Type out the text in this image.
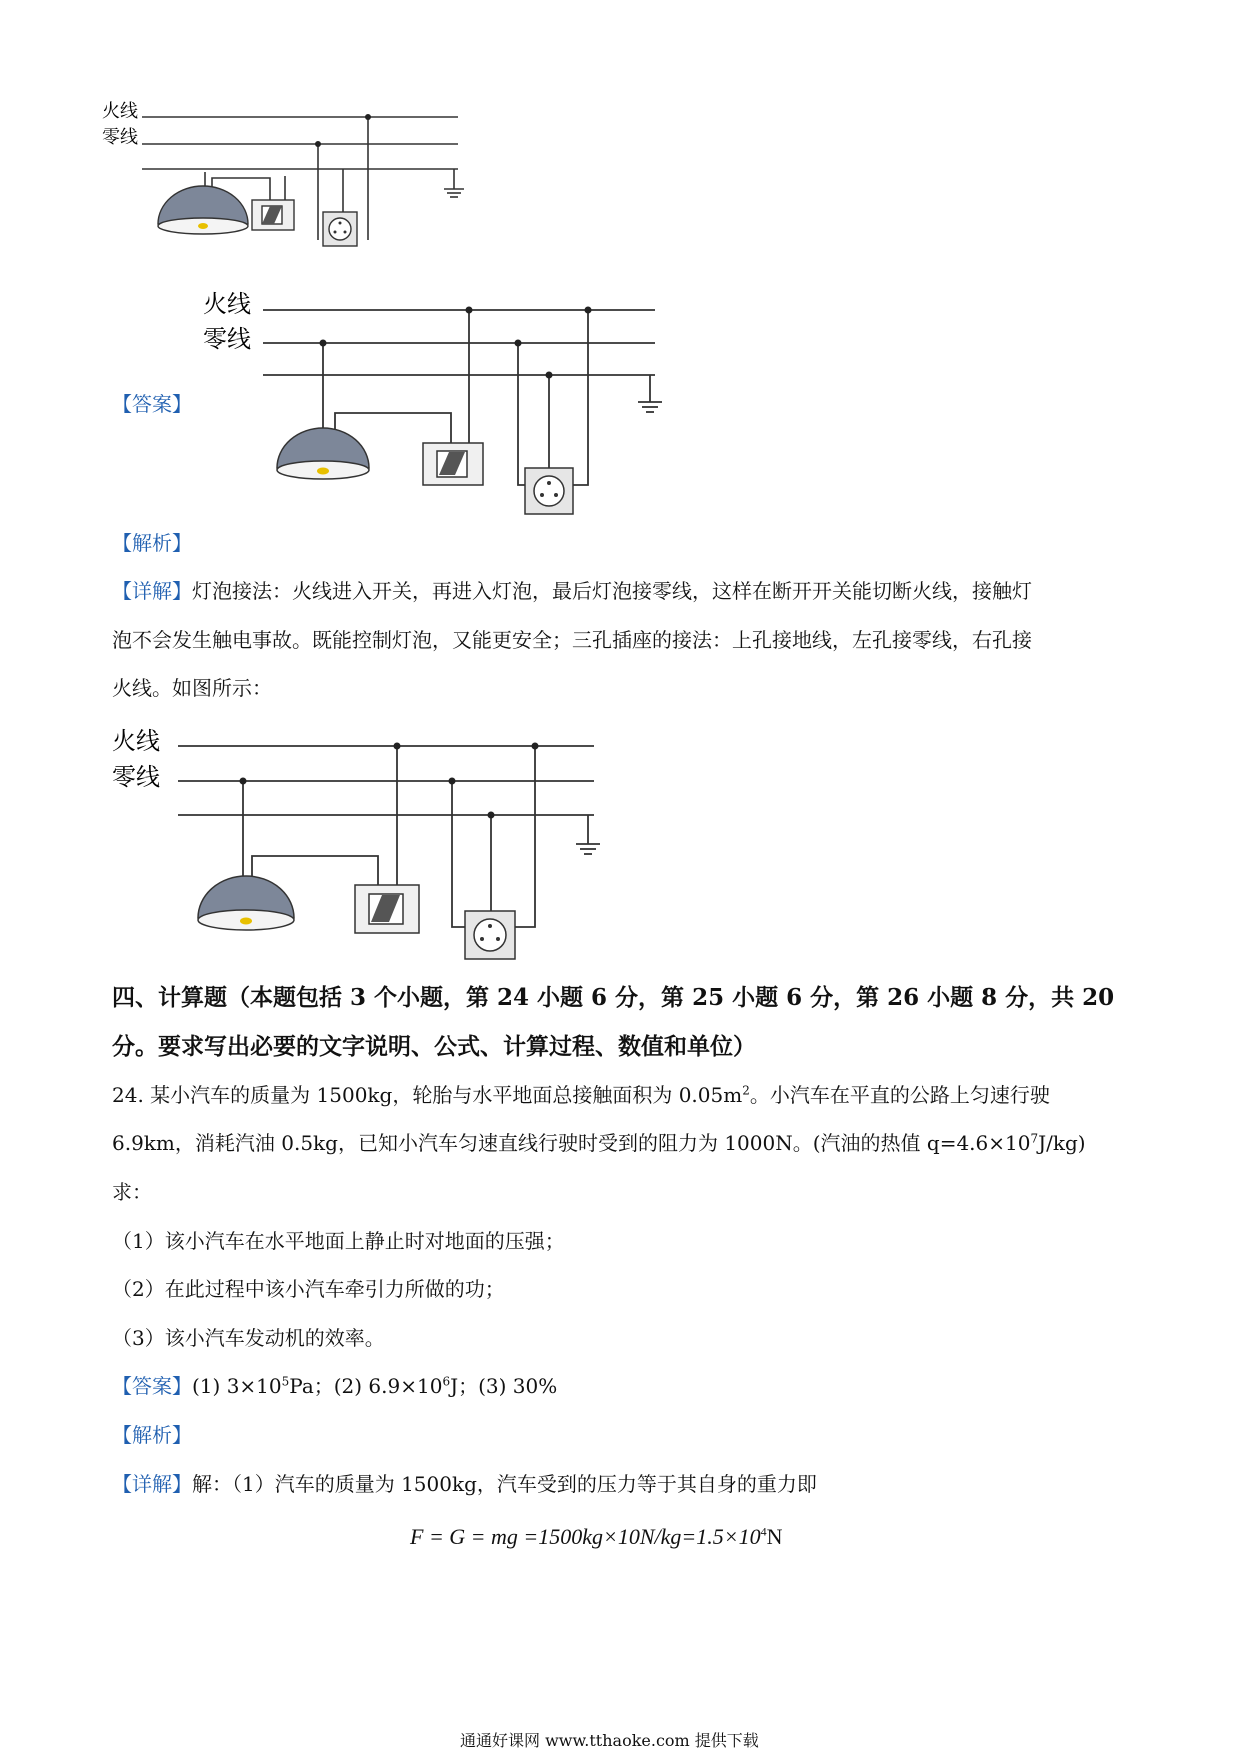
火线
零线
火线
零线
【答案】
【解析】
【详解】灯泡接法：火线进入开关，再进入灯泡，最后灯泡接零线，这样在断开开关能切断火线，接触灯
泡不会发生触电事故。既能控制灯泡，又能更安全；三孔插座的接法：上孔接地线，左孔接零线，右孔接
火线。如图所示：
火线
零线
四、计算题（本题包括 3 个小题，第 24 小题 6 分，第 25 小题 6 分，第 26 小题 8 分，共 20
分。要求写出必要的文字说明、公式、计算过程、数值和单位）
24. 某小汽车的质量为 1500kg，轮胎与水平地面总接触面积为 $0.05m^2$。小汽车在平直的公路上匀速行驶
6.9km，消耗汽油 0.5kg，已知小汽车匀速直线行驶时受到的阻力为 1000N。(汽油的热值 $q=4.6\times 10^7J/kg$)
求：
（1）该小汽车在水平地面上静止时对地面的压强；
（2）在此过程中该小汽车牵引力所做的功；
（3）该小汽车发动机的效率。
【答案】(1) $3\times 10^5Pa$；(2) $6.9\times 10^6J$；(3) 30%
【解析】
【详解】解：（1）汽车的质量为 1500kg，汽车受到的压力等于其自身的重力即
F = G = mg $=1500kg\times 10N/kg=1.5\times 10^4N$
通通好课网 www.tthaoke.com 提供下载
